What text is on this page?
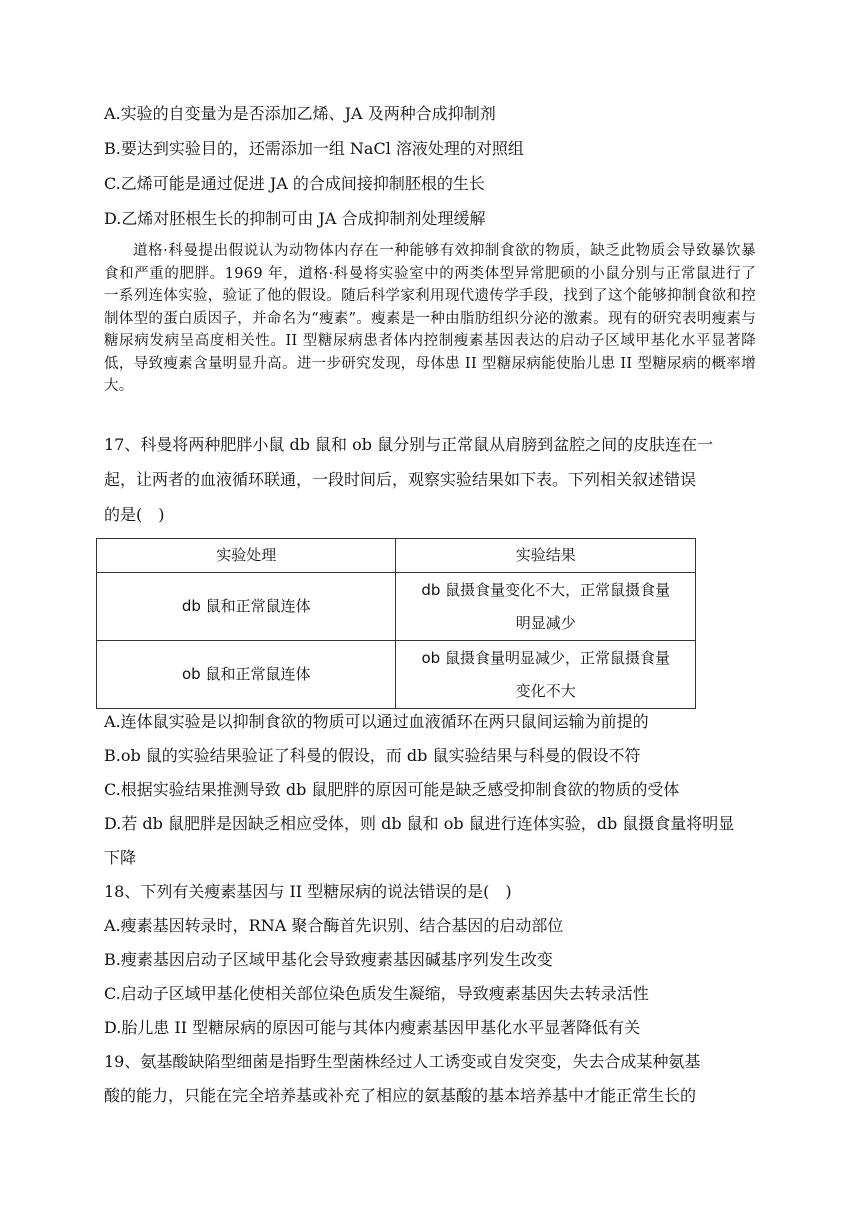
A.实验的自变量为是否添加乙烯、JA 及两种合成抑制剂
B.要达到实验目的，还需添加一组 NaCl 溶液处理的对照组
C.乙烯可能是通过促进 JA 的合成间接抑制胚根的生长
D.乙烯对胚根生长的抑制可由 JA 合成抑制剂处理缓解

道格·科曼提出假说认为动物体内存在一种能够有效抑制食欲的物质，缺乏此物质会导致暴饮暴食和严重的肥胖。1969 年，道格·科曼将实验室中的两类体型异常肥硕的小鼠分别与正常鼠进行了一系列连体实验，验证了他的假设。随后科学家利用现代遗传学手段，找到了这个能够抑制食欲和控制体型的蛋白质因子，并命名为“瘦素”。瘦素是一种由脂肪组织分泌的激素。现有的研究表明瘦素与糖尿病发病呈高度相关性。II 型糖尿病患者体内控制瘦素基因表达的启动子区域甲基化水平显著降低，导致瘦素含量明显升高。进一步研究发现，母体患 II 型糖尿病能使胎儿患 II 型糖尿病的概率增大。

17、科曼将两种肥胖小鼠 db 鼠和 ob 鼠分别与正常鼠从肩膀到盆腔之间的皮肤连在一
起，让两者的血液循环联通，一段时间后，观察实验结果如下表。下列相关叙述错误
的是(　)
实验处理	实验结果
db 鼠和正常鼠连体	db 鼠摄食量变化不大，正常鼠摄食量
明显减少

ob 鼠和正常鼠连体	ob 鼠摄食量明显减少，正常鼠摄食量
变化不大
A.连体鼠实验是以抑制食欲的物质可以通过血液循环在两只鼠间运输为前提的
B.ob 鼠的实验结果验证了科曼的假设，而 db 鼠实验结果与科曼的假设不符
C.根据实验结果推测导致 db 鼠肥胖的原因可能是缺乏感受抑制食欲的物质的受体
D.若 db 鼠肥胖是因缺乏相应受体，则 db 鼠和 ob 鼠进行连体实验，db 鼠摄食量将明显
下降
18、下列有关瘦素基因与 II 型糖尿病的说法错误的是(　)
A.瘦素基因转录时，RNA 聚合酶首先识别、结合基因的启动部位
B.瘦素基因启动子区域甲基化会导致瘦素基因碱基序列发生改变
C.启动子区域甲基化使相关部位染色质发生凝缩，导致瘦素基因失去转录活性
D.胎儿患 II 型糖尿病的原因可能与其体内瘦素基因甲基化水平显著降低有关
19、氨基酸缺陷型细菌是指野生型菌株经过人工诱变或自发突变，失去合成某种氨基
酸的能力，只能在完全培养基或补充了相应的氨基酸的基本培养基中才能正常生长的
